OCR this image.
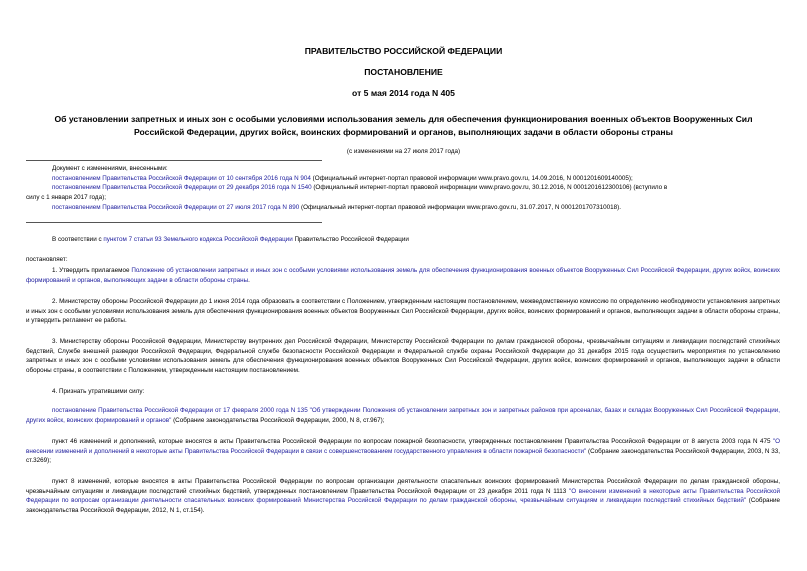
ПРАВИТЕЛЬСТВО РОССИЙСКОЙ ФЕДЕРАЦИИ
ПОСТАНОВЛЕНИЕ
от 5 мая 2014 года N 405
Об установлении запретных и иных зон с особыми условиями использования земель для обеспечения функционирования военных объектов Вооруженных Сил
Российской Федерации, других войск, воинских формирований и органов, выполняющих задачи в области обороны страны
(с изменениями на 27 июля 2017 года)
Документ с изменениями, внесенными:
постановлением Правительства Российской Федерации от 10 сентября 2016 года N 904 (Официальный интернет-портал правовой информации www.pravo.gov.ru, 14.09.2016, N 0001201609140005);
постановлением Правительства Российской Федерации от 29 декабря 2016 года N 1540 (Официальный интернет-портал правовой информации www.pravo.gov.ru, 30.12.2016, N 0001201612300106) (вступило в
силу с 1 января 2017 года);
постановлением Правительства Российской Федерации от 27 июля 2017 года N 890 (Официальный интернет-портал правовой информации www.pravo.gov.ru, 31.07.2017, N 0001201707310018).
В соответствии с пунктом 7 статьи 93 Земельного кодекса Российской Федерации Правительство Российской Федерации
постановляет:
1. Утвердить прилагаемое Положение об установлении запретных и иных зон с особыми условиями использования земель для обеспечения функционирования военных объектов Вооруженных Сил Российской Федерации, других войск, воинских формирований и органов, выполняющих задачи в области обороны страны.
2. Министерству обороны Российской Федерации до 1 июня 2014 года образовать в соответствии с Положением, утвержденным настоящим постановлением, межведомственную комиссию по определению необходимости установления запретных и иных зон с особыми условиями использования земель для обеспечения функционирования военных объектов Вооруженных Сил Российской Федерации, других войск, воинских формирований и органов, выполняющих задачи в области обороны страны, и утвердить регламент ее работы.
3. Министерству обороны Российской Федерации, Министерству внутренних дел Российской Федерации, Министерству Российской Федерации по делам гражданской обороны, чрезвычайным ситуациям и ликвидации последствий стихийных бедствий, Службе внешней разведки Российской Федерации, Федеральной службе безопасности Российской Федерации и Федеральной службе охраны Российской Федерации до 31 декабря 2015 года осуществить мероприятия по установлению запретных и иных зон с особыми условиями использования земель для обеспечения функционирования военных объектов Вооруженных Сил Российской Федерации, других войск, воинских формирований и органов, выполняющих задачи в области обороны страны, в соответствии с Положением, утвержденным настоящим постановлением.
4. Признать утратившими силу:
постановление Правительства Российской Федерации от 17 февраля 2000 года N 135 "Об утверждении Положения об установлении запретных зон и запретных районов при арсеналах, базах и складах Вооруженных Сил Российской Федерации, других войск, воинских формирований и органов" (Собрание законодательства Российской Федерации, 2000, N 8, ст.967);
пункт 46 изменений и дополнений, которые вносятся в акты Правительства Российской Федерации по вопросам пожарной безопасности, утвержденных постановлением Правительства Российской Федерации от 8 августа 2003 года N 475 "О внесении изменений и дополнений в некоторые акты Правительства Российской Федерации в связи с совершенствованием государственного управления в области пожарной безопасности" (Собрание законодательства Российской Федерации, 2003, N 33, ст.3269);
пункт 8 изменений, которые вносятся в акты Правительства Российской Федерации по вопросам организации деятельности спасательных воинских формирований Министерства Российской Федерации по делам гражданской обороны, чрезвычайным ситуациям и ликвидации последствий стихийных бедствий, утвержденных постановлением Правительства Российской Федерации от 23 декабря 2011 года N 1113 "О внесении изменений в некоторые акты Правительства Российской Федерации по вопросам организации деятельности спасательных воинских формирований Министерства Российской Федерации по делам гражданской обороны, чрезвычайным ситуациям и ликвидации последствий стихийных бедствий" (Собрание законодательства Российской Федерации, 2012, N 1, ст.154).
